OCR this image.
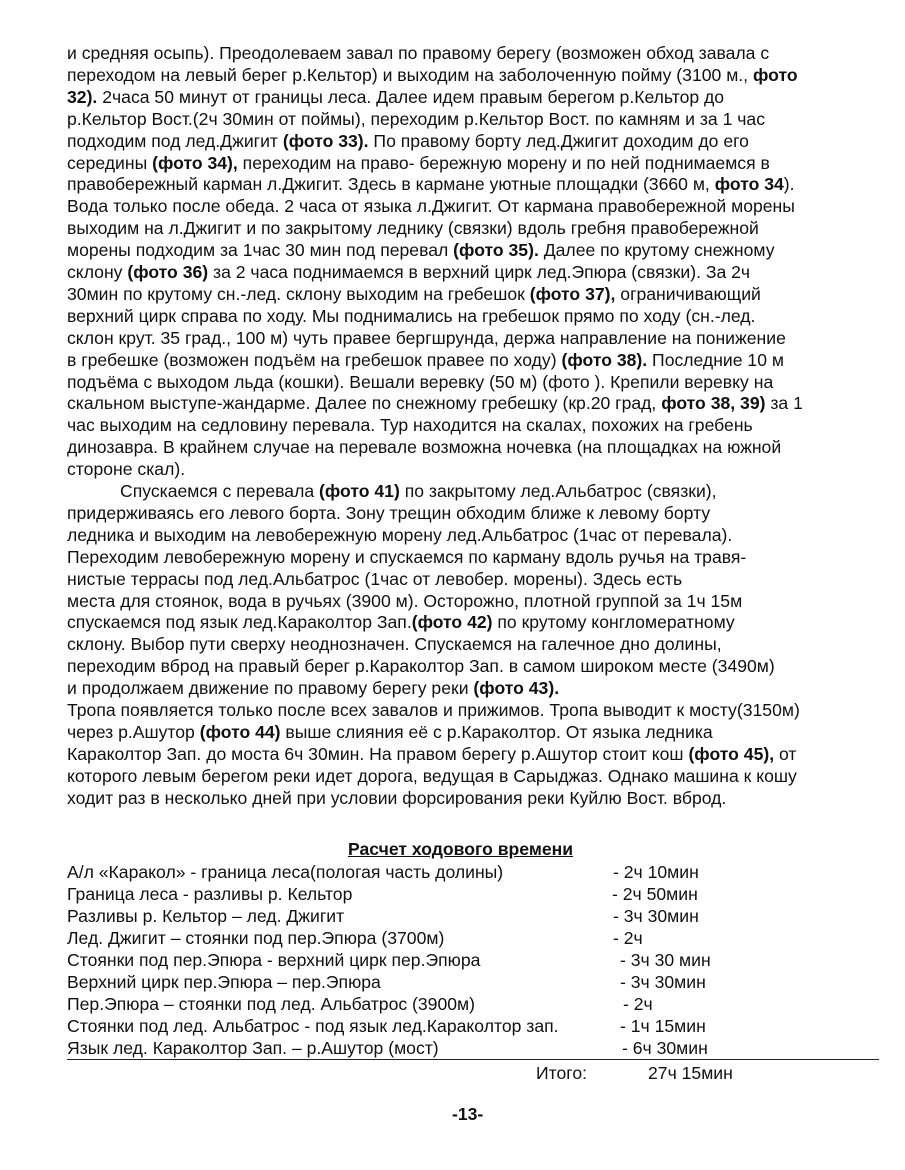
и средняя осыпь). Преодолеваем завал по правому берегу (возможен обход завала с
переходом на левый берег р.Кельтор) и выходим на заболоченную пойму (3100 м., фото
32). 2часа 50 минут от границы леса. Далее идем правым берегом р.Кельтор до
р.Кельтор Вост.(2ч 30мин от поймы), переходим р.Кельтор Вост. по камням и за 1 час
подходим под лед.Джигит (фото 33). По правому борту лед.Джигит доходим до его
середины (фото 34), переходим на право- бережную морену и по ней поднимаемся в
правобережный карман л.Джигит. Здесь в кармане уютные площадки (3660 м, фото 34).
Вода только после обеда. 2 часа от языка л.Джигит. От кармана правобережной морены
выходим на л.Джигит и по закрытому леднику (связки) вдоль гребня правобережной
морены подходим за 1час 30 мин под перевал (фото 35). Далее по крутому снежному
склону (фото 36) за 2 часа поднимаемся в верхний цирк лед.Эпюра (связки). За 2ч
30мин по крутому сн.-лед. склону выходим на гребешок (фото 37), ограничивающий
верхний цирк справа по ходу. Мы поднимались на гребешок прямо по ходу (сн.-лед.
склон крут. 35 град., 100 м) чуть правее бергшрунда, держа направление на понижение
в гребешке (возможен подъём на гребешок правее по ходу) (фото 38). Последние 10 м
подъёма с выходом льда (кошки). Вешали веревку (50 м) (фото ). Крепили веревку на
скальном выступе-жандарме. Далее по снежному гребешку (кр.20 град, фото 38, 39) за 1
час выходим на седловину перевала. Тур находится на скалах, похожих на гребень
динозавра. В крайнем случае на перевале возможна ночевка (на площадках на южной
стороне скал).
Спускаемся с перевала (фото 41) по закрытому лед.Альбатрос (связки),
придерживаясь его левого борта. Зону трещин обходим ближе к левому борту
ледника и выходим на левобережную морену лед.Альбатрос (1час от перевала).
Переходим левобережную морену и спускаемся по карману вдоль ручья на травя-
нистые террасы под лед.Альбатрос (1час от левобер. морены). Здесь есть
места для стоянок, вода в ручьях (3900 м). Осторожно, плотной группой за 1ч 15м
спускаемся под язык лед.Караколтор Зап.(фото 42) по крутому конгломератному
склону. Выбор пути сверху неоднозначен. Спускаемся на галечное дно долины,
переходим вброд на правый берег р.Караколтор Зап. в самом широком месте (3490м)
и продолжаем движение по правому берегу реки (фото 43).
Тропа появляется только после всех завалов и прижимов. Тропа выводит к мосту(3150м)
через р.Ашутор (фото 44) выше слияния её с р.Караколтор. От языка ледника
Караколтор Зап. до моста 6ч 30мин. На правом берегу р.Ашутор стоит кош (фото 45), от
которого левым берегом реки идет дорога, ведущая в Сарыджаз. Однако машина к кошу
ходит раз в несколько дней при условии форсирования реки Куйлю Вост. вброд.
Расчет ходового времени
А/л «Каракол» - граница леса(пологая часть долины)	- 2ч 10мин
Граница леса - разливы р. Кельтор	- 2ч 50мин
Разливы р. Кельтор – лед. Джигит	- 3ч 30мин
Лед. Джигит – стоянки под пер.Эпюра (3700м)	- 2ч
Стоянки под пер.Эпюра - верхний цирк пер.Эпюра	- 3ч 30 мин
Верхний цирк пер.Эпюра – пер.Эпюра	- 3ч 30мин
Пер.Эпюра – стоянки под лед. Альбатрос (3900м)	- 2ч
Стоянки под лед. Альбатрос - под язык лед.Караколтор зап.	- 1ч 15мин
Язык лед. Караколтор Зап. – р.Ашутор (мост)	- 6ч 30мин
Итого:	27ч 15мин
-13-
